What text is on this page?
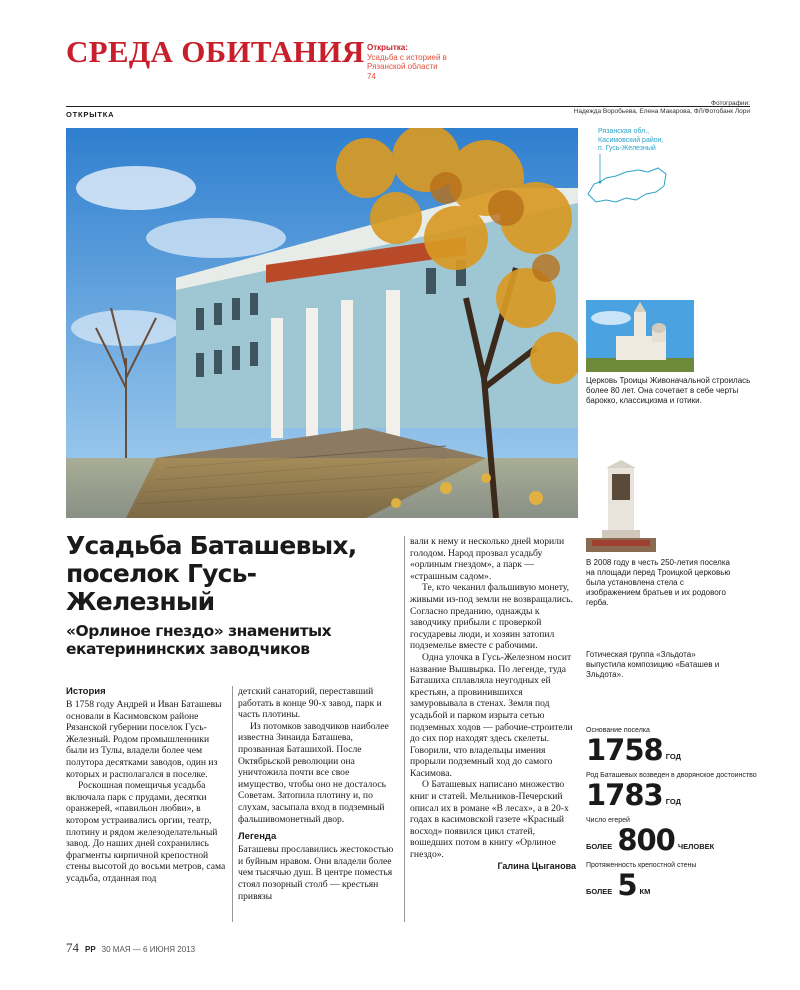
СРЕДА ОБИТАНИЯ Открытка:
Усадьба с историей в Рязанской области
74
ОТКРЫТКА
Фотографии:
Надежда Воробьева, Елена Макарова, ФЛ/Фотобанк Лори
Рязанская обл.,
Касимовский район,
п. Гусь-Железный
Церковь Троицы Живоначальной строилась более 80 лет. Она сочетает в себе черты барокко, классицизма и готики.
В 2008 году в честь 250-летия поселка на площади перед Троицкой церковью была установлена стела с изображением братьев и их родового герба.
Готическая группа «Зльдота» выпустила композицию «Баташев и Зльдота».
Основание поселка
1758 ГОД
Род Баташевых возведен в дворянское достоинство
1783 ГОД
Число егерей
БОЛЕЕ 800 ЧЕЛОВЕК
Протяженность крепостной стены
БОЛЕЕ 5 КМ
Усадьба Баташевых, поселок Гусь-Железный
«Орлиное гнездо» знаменитых екатерининских заводчиков
История

В 1758 году Андрей и Иван Баташевы основали в Касимовском районе Рязанской губернии поселок Гусь-Железный. Родом промышленники были из Тулы, владели более чем полутора десятками заводов, один из которых и располагался в поселке.

Роскошная помещичья усадьба включала парк с прудами, десятки оранжерей, «павильон любви», в котором устраивались оргии, театр, плотину и рядом железоделательный завод. До наших дней сохранились фрагменты кирпичной крепостной стены высотой до восьми метров, сама усадьба, отданная под

детский санаторий, переставший работать в конце 90-х завод, парк и часть плотины.

Из потомков заводчиков наиболее известна Зинаида Баташева, прозванная Баташихой. После Октябрьской революции она уничтожила почти все свое имущество, чтобы оно не досталось Советам. Затопила плотину и, по слухам, засыпала вход в подземный фальшивомонетный двор.

Легенда

Баташевы прославились жестокостью и буйным нравом. Они владели более чем тысячью душ. В центре поместья стоял позорный столб — крестьян привязы

вали к нему и несколько дней морили голодом. Народ прозвал усадьбу «орлиным гнездом», а парк — «страшным садом».

Те, кто чеканил фальшивую монету, живыми из-под земли не возвращались. Согласно преданию, однажды к заводчику прибыли с проверкой государевы люди, и хозяин затопил подземелье вместе с рабочими.

Одна улочка в Гусь-Железном носит название Вышвырка. По легенде, туда Баташиха сплавляла неугодных ей крестьян, а провинившихся замуровывала в стенах. Земля под усадьбой и парком изрыта сетью подземных ходов — рабочие-строители до сих пор находят здесь скелеты. Говорили, что владельцы имения прорыли подземный ход до самого Касимова.

О Баташевых написано множество книг и статей. Мельников-Печерский описал их в романе «В лесах», а в 20-х годах в касимовской газете «Красный восход» появился цикл статей, вошедших потом в книгу «Орлиное гнездо».

Галина Цыганова

74 РР 30 МАЯ — 6 ИЮНЯ 2013
